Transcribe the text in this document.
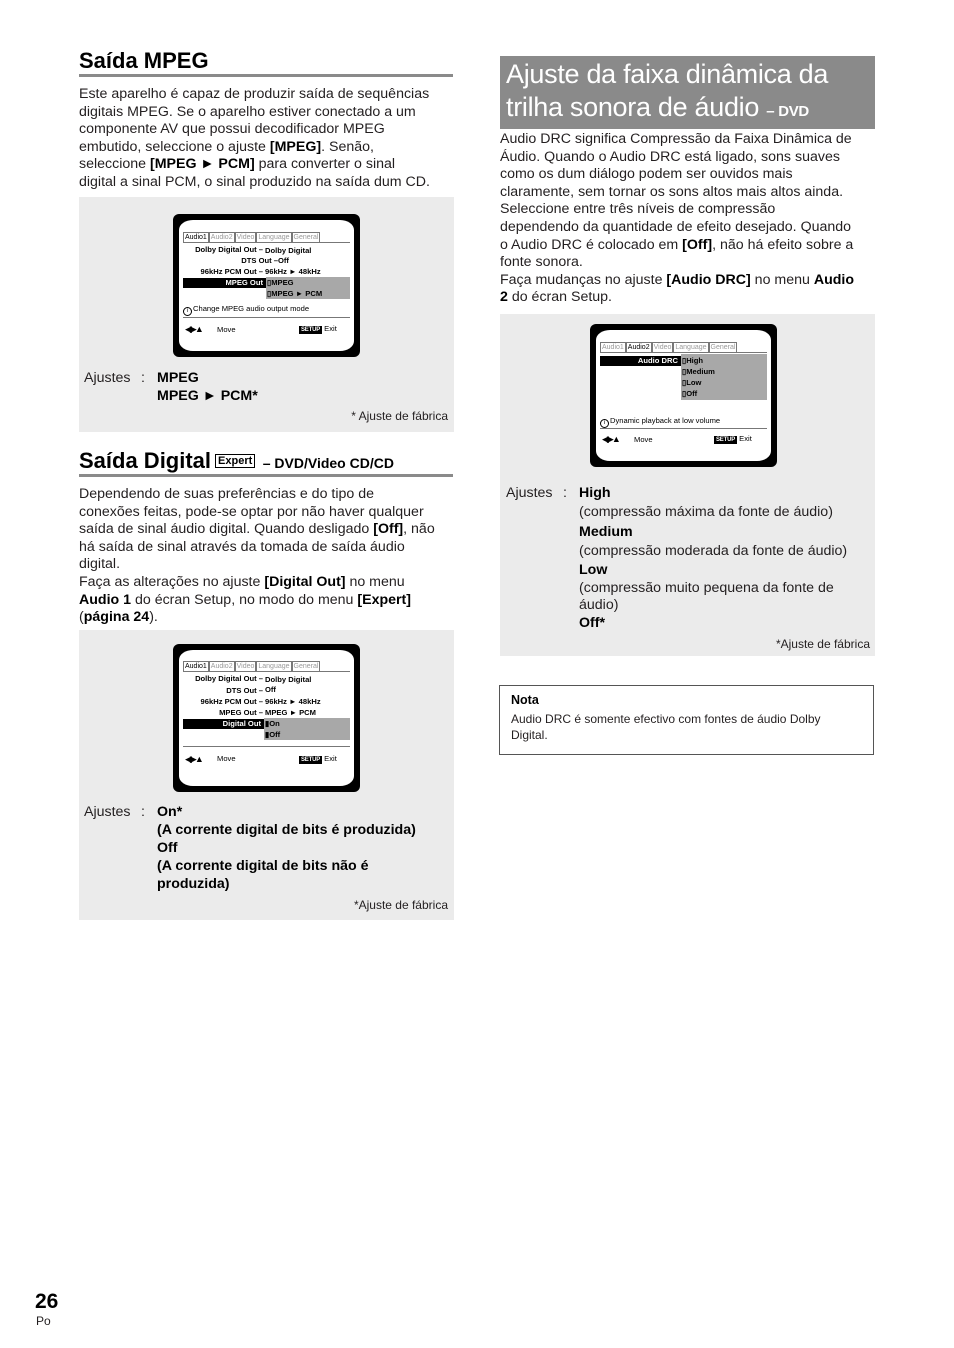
Saída MPEG
Este aparelho é capaz de produzir saída de sequências
digitais MPEG. Se o aparelho estiver conectado a um
componente AV que possui decodificador MPEG
embutido, seleccione o ajuste [MPEG]. Senão,
seleccione [MPEG ► PCM] para converter o sinal
digital a sinal PCM, o sinal produzido na saída dum CD.
Audio1 Audio2 Video Language General
Dolby Digital Out – Dolby Digital
DTS Out – Off
96kHz PCM Out – 96kHz ► 48kHz
MPEG Out ▯MPEG
▯MPEG ► PCM
i Change MPEG audio output mode
◀▶▲ Move	SETUP Exit
Ajustes : MPEG
MPEG ► PCM*
* Ajuste de fábrica
Saída Digital Expert – DVD/Video CD/CD
Dependendo de suas preferências e do tipo de
conexões feitas, pode-se optar por não haver qualquer
saída de sinal áudio digital. Quando desligado [Off], não
há saída de sinal através da tomada de saída áudio
digital.
Faça as alterações no ajuste [Digital Out] no menu
Audio 1 do écran Setup, no modo do menu [Expert]
(página 24).
Audio1 Audio2 Video Language General
Dolby Digital Out – Dolby Digital
DTS Out – Off
96kHz PCM Out – 96kHz ► 48kHz
MPEG Out – MPEG ► PCM
Digital Out ▮On
▮Off
◀▶▲ Move	SETUP Exit
Ajustes : On*
(A corrente digital de bits é produzida)
Off
(A corrente digital de bits não é
produzida)
*Ajuste de fábrica
Ajuste da faixa dinâmica da
trilha sonora de áudio – DVD
Audio DRC significa Compressão da Faixa Dinâmica de
Áudio. Quando o Audio DRC está ligado, sons suaves
como os dum diálogo podem ser ouvidos mais
claramente, sem tornar os sons altos mais altos ainda.
Seleccione entre três níveis de compressão
dependendo da quantidade de efeito desejado. Quando
o Audio DRC é colocado em [Off], não há efeito sobre a
fonte sonora.
Faça mudanças no ajuste [Audio DRC] no menu Audio
2 do écran Setup.
Audio1 Audio2 Video Language General
Audio DRC ▯High
▯Medium
▯Low
▯Off
i Dynamic playback at low volume
◀▶▲ Move	SETUP Exit
Ajustes : High
(compressão máxima da fonte de áudio)
Medium
(compressão moderada da fonte de áudio)
Low
(compressão muito pequena da fonte de
áudio)
Off*
*Ajuste de fábrica
Nota
Audio DRC é somente efectivo com fontes de áudio Dolby
Digital.
26
Po
